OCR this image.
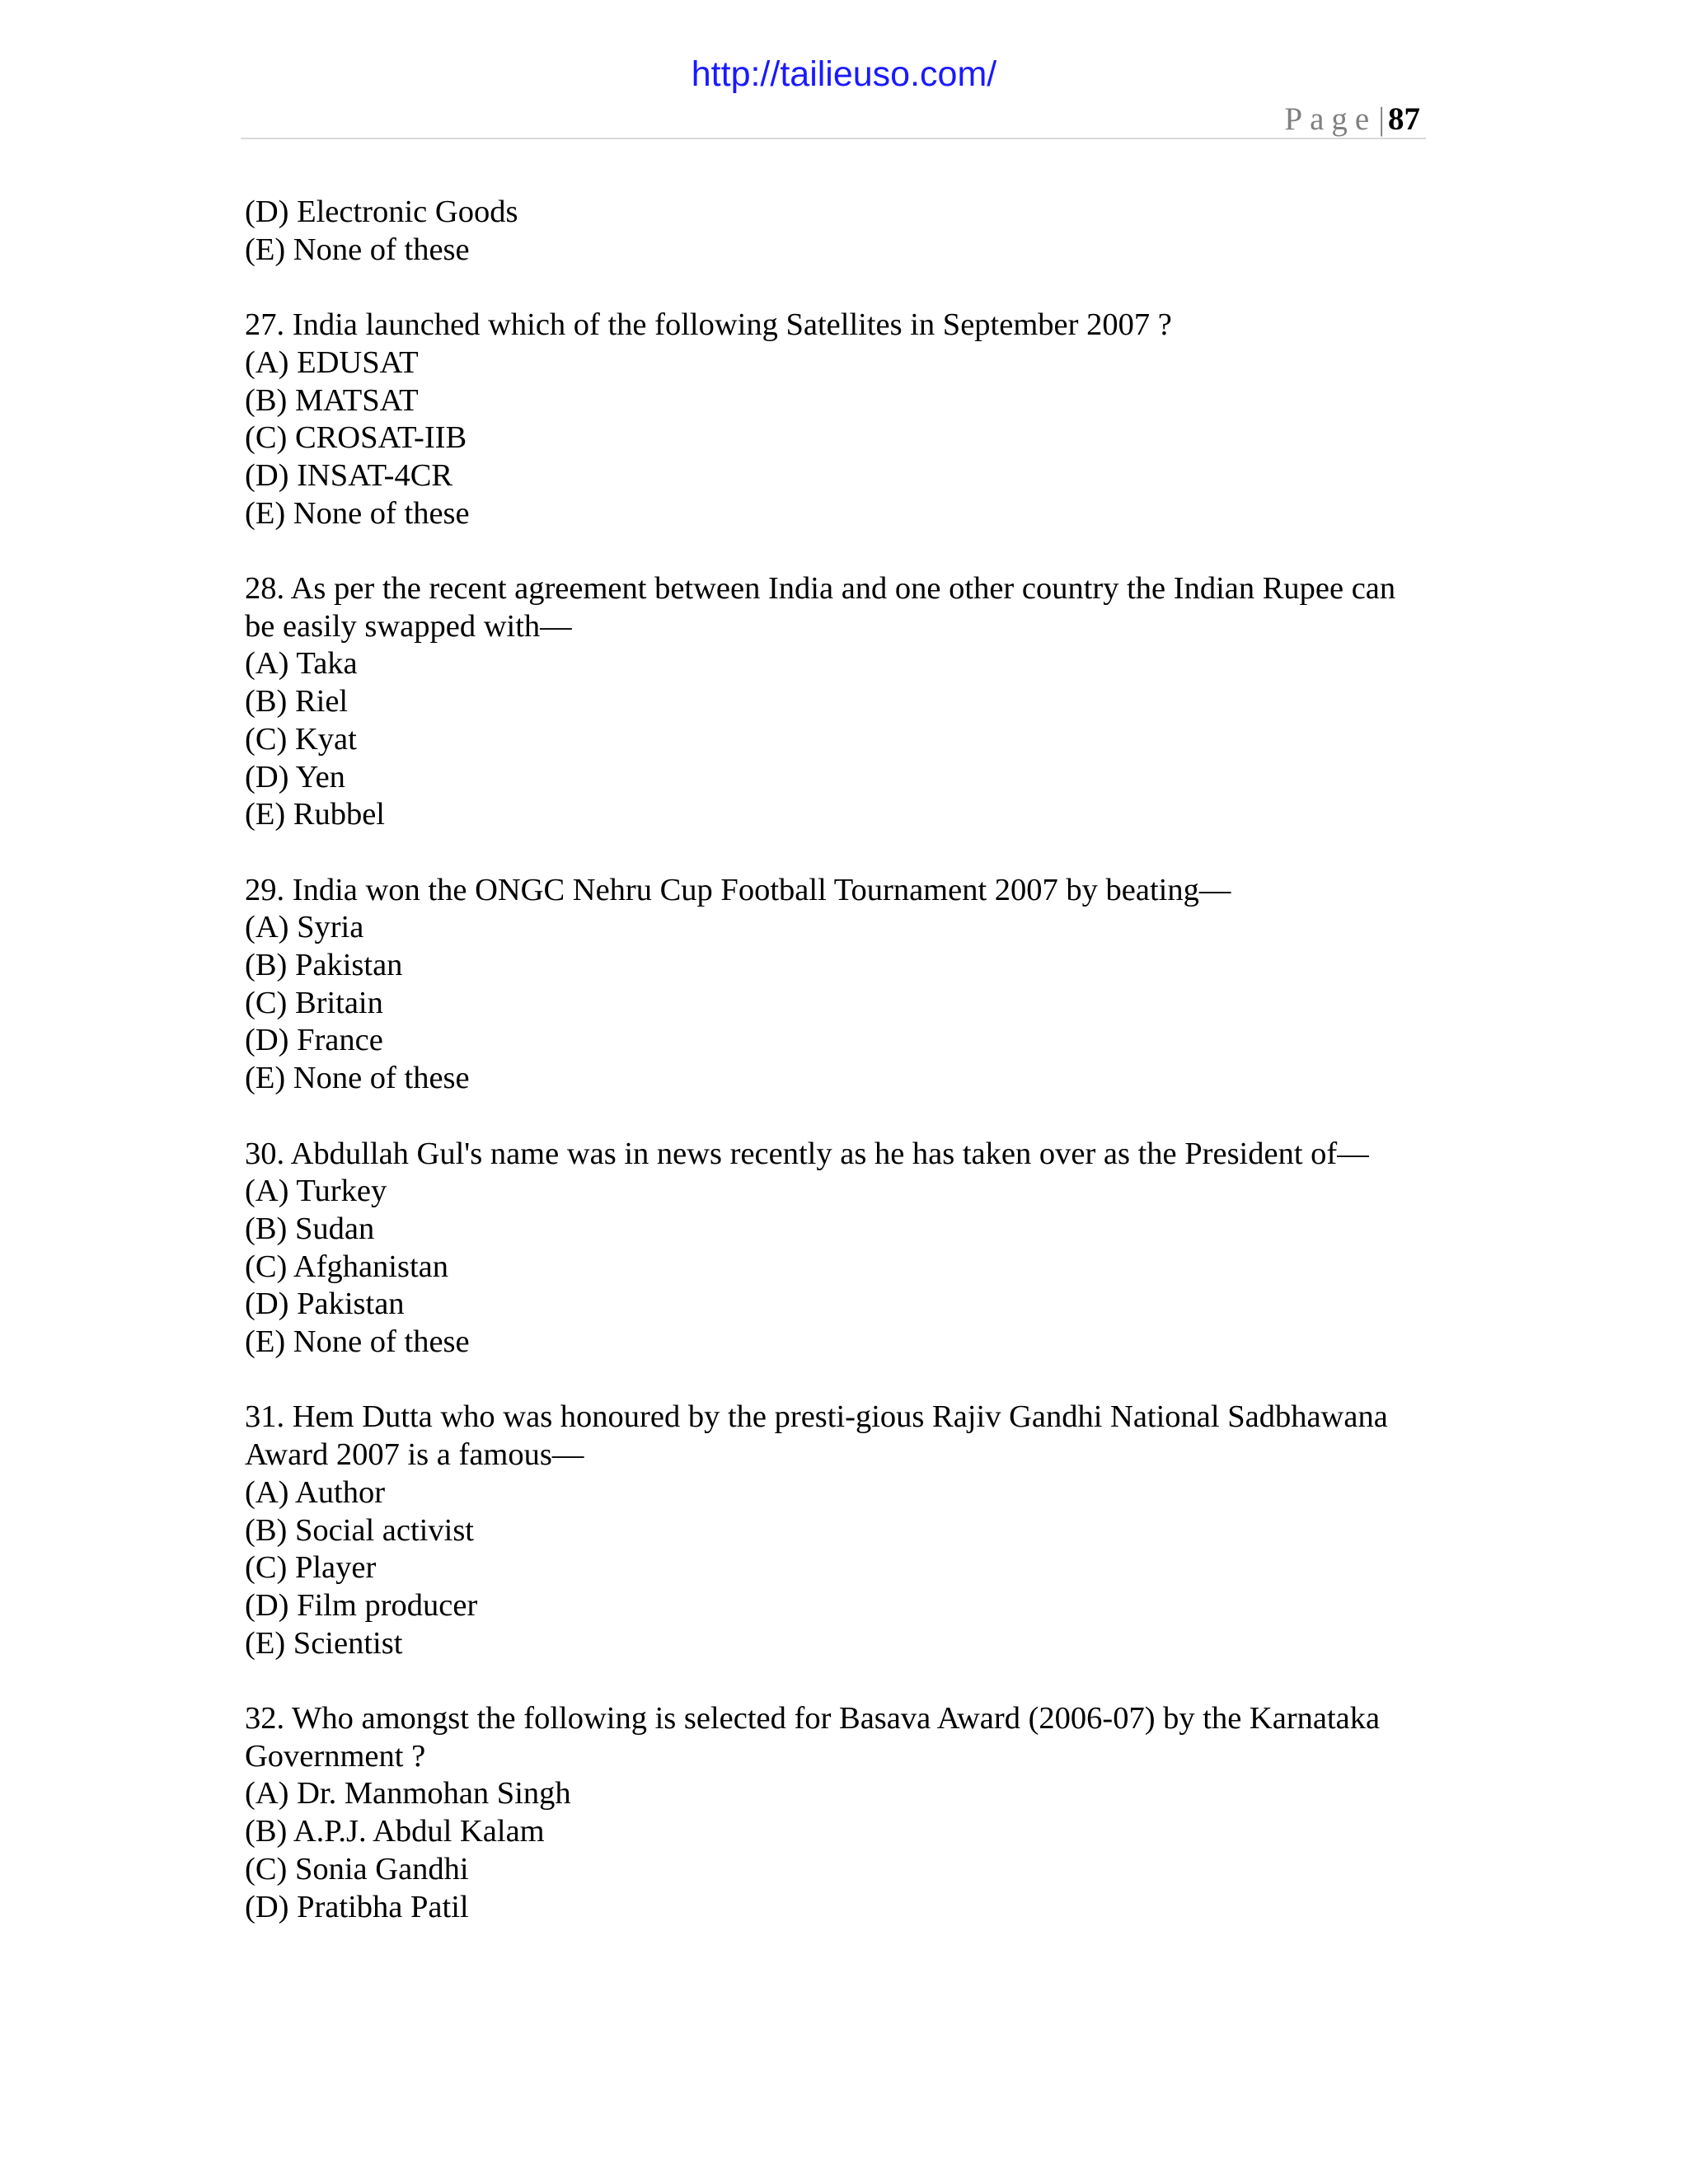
http://tailieuso.com/
Page| 87
(D) Electronic Goods
(E) None of these
27. India launched which of the following Satellites in September 2007 ?
(A) EDUSAT
(B) MATSAT
(C) CROSAT-IIB
(D) INSAT-4CR
(E) None of these
28. As per the recent agreement between India and one other country the Indian Rupee can be easily swapped with—
(A) Taka
(B) Riel
(C) Kyat
(D) Yen
(E) Rubbel
29. India won the ONGC Nehru Cup Football Tournament 2007 by beating—
(A) Syria
(B) Pakistan
(C) Britain
(D) France
(E) None of these
30. Abdullah Gul's name was in news recently as he has taken over as the President of—
(A) Turkey
(B) Sudan
(C) Afghanistan
(D) Pakistan
(E) None of these
31. Hem Dutta who was honoured by the presti-gious Rajiv Gandhi National Sadbhawana Award 2007 is a famous—
(A) Author
(B) Social activist
(C) Player
(D) Film producer
(E) Scientist
32. Who amongst the following is selected for Basava Award (2006-07) by the Karnataka Government ?
(A) Dr. Manmohan Singh
(B) A.P.J. Abdul Kalam
(C) Sonia Gandhi
(D) Pratibha Patil
